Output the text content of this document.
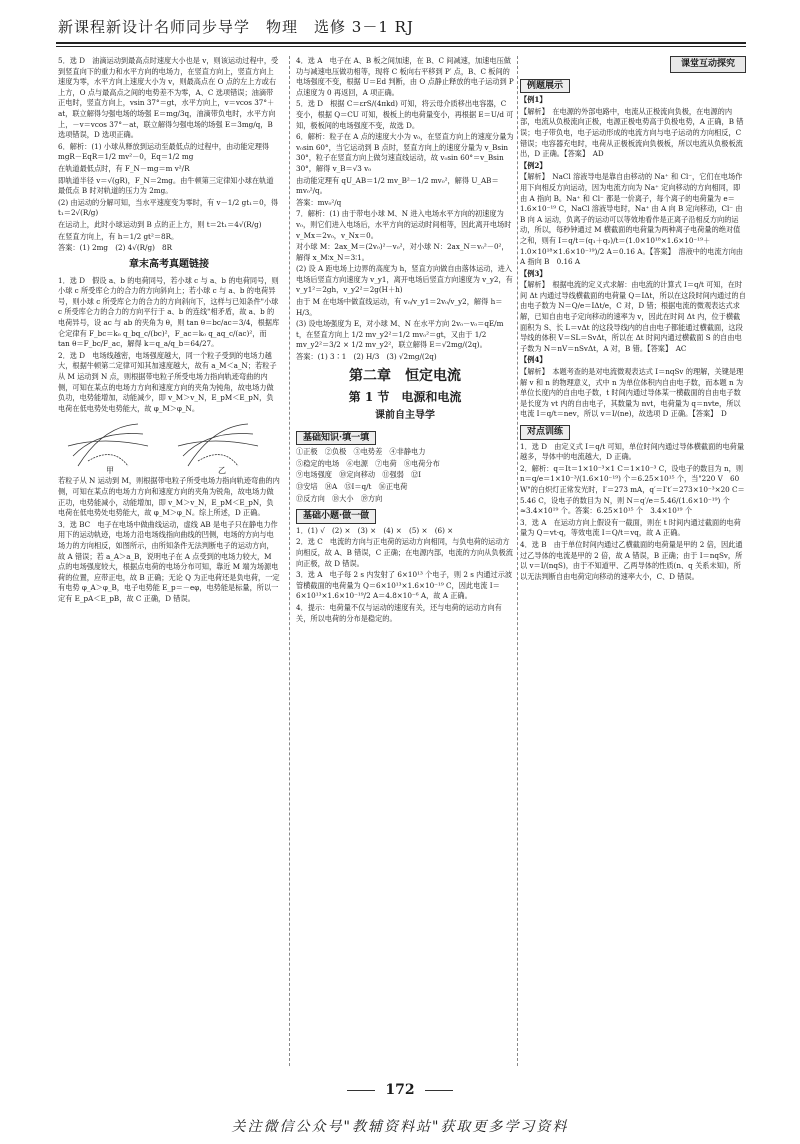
新课程新设计名师同步导学　物理　选修 3－1 RJ

5．选 D　油滴运动到最高点时速度大小也是 v，则该运动过程中，受到竖直向下的重力和水平方向的电场力，在竖直方向上，竖直方向上速度为零，水平方向上速度大小为 v，则最高点在 O 点的左上方或右上方，O 点与最高点之间的电势差不为零，A、C 选项错误；油滴带正电时，竖直方向上，vsin 37°＝gt，水平方向上，v＝vcos 37°＋at，联立解得匀强电场的场强 E＝mg/3q，油滴带负电时，水平方向上，－v＝vcos 37°－at，联立解得匀强电场的场强 E＝3mg/q，B 选项错误，D 选项正确。

6．解析：(1) 小球从释放到运动至最低点的过程中，由动能定理得 mgR－EqR＝1/2 mv²－0，Eq＝1/2 mg

在轨道最低点时，有 F_N－mg＝m v²/R

即轨道半径 v＝√(gR)，F_N＝2mg。由牛顿第三定律知小球在轨道最低点 B 时对轨道的压力为 2mg。

(2) 由运动的分解可知，当水平速度变为零时，有 v－1/2 gt₁＝0，得 t₁＝2√(R/g)

在运动上，此时小球运动到 B 点的正上方，则 t＝2t₁＝4√(R/g)

在竖直方向上，有 h＝1/2 gt²＝8R。

答案：(1) 2mg　(2) 4√(R/g)　8R

章末高考真题链接

1．选 D　假设 a、b 的电荷同号，若小球 c 与 a、b 的电荷同号，则小球 c 所受库仑力的合力的方向斜向上；若小球 c 与 a、b 的电荷异号，则小球 c 所受库仑力的合力的方向斜向下，这样与已知条件"小球 c 所受库仑力的合力的方向平行于 a、b 的连线"相矛盾，故 a、b 的电荷异号，设 ac 与 ab 的夹角为 θ，则 tan θ＝bc/ac＝3/4，根据库仑定律有 F_bc＝k₀ q_bq_c/(bc)²，F_ac＝k₀ q_aq_c/(ac)²，而 tan θ＝F_bc/F_ac，解得 k＝q_a/q_b＝64/27。

2．选 D　电场线越密，电场强度越大，同一个粒子受到的电场力越大，根据牛顿第二定律可知其加速度越大，故有 a_M＜a_N；若粒子从 M 运动到 N 点，则根据带电粒子所受电场力指向轨迹弯曲的内侧，可知在某点的电场力方向和速度方向的夹角为钝角，故电场力做负功，电势能增加，动能减少，即 v_M＞v_N，E_pM＜E_pN，负电荷在低电势处电势能大，故 φ_M＞φ_N。

甲	乙

若粒子从 N 运动到 M，则根据带电粒子所受电场力指向轨迹弯曲的内侧，可知在某点的电场力方向和速度方向的夹角为锐角，故电场力做正功，电势能减小，动能增加，即 v_M＞v_N，E_pM＜E_pN，负电荷在低电势处电势能大，故 φ_M＞φ_N。综上所述，D 正确。

3．选 BC　电子在电场中做曲线运动，虚线 AB 是电子只在静电力作用下的运动轨迹，电场力沿电场线指向曲线的凹侧，电场的方向与电场力的方向相反，如图所示，由所知条件无法判断电子的运动方向，故 A 错误；若 a_A＞a_B，说明电子在 A 点受到的电场力较大，M 点的电场强度较大，根据点电荷的电场分布可知，靠近 M 端为场源电荷的位置，应带正电，故 B 正确；无论 Q 为正电荷还是负电荷，一定有电势 φ_A＞φ_B，电子电势能 E_p＝－eφ，电势能是标量，所以一定有 E_pA＜E_pB，故 C 正确，D 错误。

4．选 A　电子在 A、B 板之间加速，在 B、C 间减速，加速电压做功与减速电压做功相等，现将 C 板向右平移到 P′ 点，B、C 板间的电场强度不变，根据 U＝Ed 判断，由 O 点静止释放的电子运动到 P 点速度为 0 再返回，A 项正确。

5．选 D　根据 C＝εrS/(4πkd) 可知，将云母介质移出电容器，C 变小，根据 Q＝CU 可知，极板上的电荷量变小，再根据 E＝U/d 可知，极板间的电场强度不变，故选 D。

6．解析：粒子在 A 点的速度大小为 v₀，在竖直方向上的速度分量为 v₀sin 60°，当它运动到 B 点时，竖直方向上的速度分量为 v_Bsin 30°，粒子在竖直方向上做匀速直线运动，故 v₀sin 60°＝v_Bsin 30°，解得 v_B＝√3 v₀

由动能定理有 qU_AB＝1/2 mv_B²－1/2 mv₀²，解得 U_AB＝mv₀²/q。

答案：mv₀²/q

7．解析：(1) 由于带电小球 M、N 进入电场水平方向的初速度为 v₀，则它们进入电场后，水平方向的运动时间相等，因此离开电场时 v_Mx＝2v₀，v_Nx＝0。

对小球 M：2ax_M＝(2v₀)²－v₀²，对小球 N：2ax_N＝v₀²－0²，解得 x_M∶x_N＝3∶1。

(2) 设 A 距电场上边界的高度为 h，竖直方向做自由落体运动，进入电场后竖直方向速度为 v_y1，离开电场后竖直方向速度为 v_y2，有 v_y1²＝2gh，v_y2²＝2g(H＋h)

由于 M 在电场中做直线运动，有 v₀/v_y1＝2v₀/v_y2，解得 h＝H/3。

(3) 设电场强度为 E，对小球 M、N 在水平方向 2v₀－v₀＝qE/m t，在竖直方向上 1/2 mv_y2²＝1/2 mv₀²＝gt，又由于 1/2 mv_y2²＝3/2 × 1/2 mv_y2²，联立解得 E＝√2mg/(2q)。

答案：(1) 3∶1　(2) H/3　(3) √2mg/(2q)

第二章　恒定电流
第 1 节　电源和电流
课前自主导学
基础知识·填一填

①正极　②负极　③电势差　④非静电力

⑤稳定的电场　⑥电源　⑦电荷　⑧电荷分布

⑨电场强度　⑩定向移动　⑪强弱　⑫I

⑬安培　⑭A　⑮I＝q/t　⑯正电荷

⑰反方向　⑱大小　⑲方向

基础小题·做一做

1．(1) √　(2) ×　(3) ×　(4) ×　(5) ×　(6) ×

2．选 C　电流的方向与正电荷的运动方向相同，与负电荷的运动方向相反，故 A、B 错误，C 正确；在电源内部，电流的方向从负极流向正极，故 D 错误。

3．选 A　电子每 2 s 内发射了 6×10¹³ 个电子，则 2 s 内通过示波管横截面的电荷量为 Q＝6×10¹³×1.6×10⁻¹⁹ C，因此电流 I＝6×10¹³×1.6×10⁻¹⁹/2 A＝4.8×10⁻⁶ A，故 A 正确。

4．提示：电荷量不仅与运动的速度有关，还与电荷的运动方向有关，所以电荷的分布是稳定的。

课堂互动探究
例题展示

【例1】

【解析】　在电源的外部电路中，电流从正极流向负极，在电源的内部，电流从负极流向正极，电源正极电势高于负极电势，A 正确，B 错误；电子带负电，电子运动形成的电流方向与电子运动的方向相反，C 错误；电容器充电时，电荷从正极板流向负极板，所以电流从负极板流出，D 正确。【答案】　AD

【例2】

【解析】　NaCl 溶液导电是靠自由移动的 Na⁺ 和 Cl⁻，它们在电场作用下向相反方向运动，因为电流方向为 Na⁺ 定向移动的方向相同，即由 A 指向 B。Na⁺ 和 Cl⁻ 都是一价离子，每个离子的电荷量为 e＝1.6×10⁻¹⁹ C，NaCl 溶液导电时，Na⁺ 由 A 向 B 定向移动，Cl⁻ 由 B 向 A 运动，负离子的运动可以等效地看作是正离子沿相反方向的运动，所以，每秒钟通过 M 横截面的电荷量为两种离子电荷量的绝对值之和，则有 I＝q/t＝(q₁＋q₂)/t＝(1.0×10¹⁸×1.6×10⁻¹⁹＋1.0×10¹⁸×1.6×10⁻¹⁹)/2 A＝0.16 A。【答案】　溶液中的电流方向由 A 指向 B　0.16 A

【例3】

【解析】　根据电流的定义式求解：由电流的计算式 I＝q/t 可知，在时间 Δt 内通过导线横截面的电荷量 Q＝IΔt，所以在这段时间内通过的自由电子数为 N＝Q/e＝IΔt/e，C 对，D 错；根据电流的微观表达式求解，已知自由电子定向移动的速率为 v，因此在时间 Δt 内，位于横截面积为 S、长 L＝vΔt 的这段导线内的自由电子都能通过横截面，这段导线的体积 V＝SL＝SvΔt，所以在 Δt 时间内通过横截面 S 的自由电子数为 N＝nV＝nSvΔt，A 对，B 错。【答案】　AC

【例4】

【解析】　本题考查的是对电流微观表达式 I＝nqSv 的理解，关键是理解 v 和 n 的物理意义，式中 n 为单位体积内自由电子数，而本题 n 为单位长度内的自由电子数，t 时间内通过导体某一横截面的自由电子数是长度为 vt 内的自由电子，其数量为 nvt，电荷量为 q＝nvte，所以电流 I＝q/t＝nev，所以 v＝I/(ne)，故选项 D 正确。【答案】　D

对点训练

1．选 D　由定义式 I＝q/t 可知，单位时间内通过导体横截面的电荷量越多，导体中的电流越大，D 正确。

2．解析：q＝It＝1×10⁻³×1 C＝1×10⁻³ C，设电子的数目为 n，则 n＝q/e＝1×10⁻³/(1.6×10⁻¹⁹) 个＝6.25×10¹⁵ 个，当"220 V　60 W"的白炽灯正常发光时，I′＝273 mA，q′＝I′t′＝273×10⁻³×20 C＝5.46 C，设电子的数目为 N，则 N＝q′/e＝5.46/(1.6×10⁻¹⁹) 个≈3.4×10¹⁹ 个。答案：6.25×10¹⁵ 个　3.4×10¹⁹ 个

3．选 A　在运动方向上假设有一截面，则在 t 时间内通过截面的电荷量为 Q＝vt·q，等效电流 I＝Q/t＝vq，故 A 正确。

4．选 B　由于单位时间内通过乙横截面的电荷量是甲的 2 倍，因此通过乙导体的电流是甲的 2 倍，故 A 错误，B 正确；由于 I＝nqSv，所以 v＝I/(nqS)，由于不知道甲、乙两导体的性质(n、q 关系未知)，所以无法判断自由电荷定向移动的速率大小，C、D 错误。

172
关注微信公众号"教辅资料站"获取更多学习资料
